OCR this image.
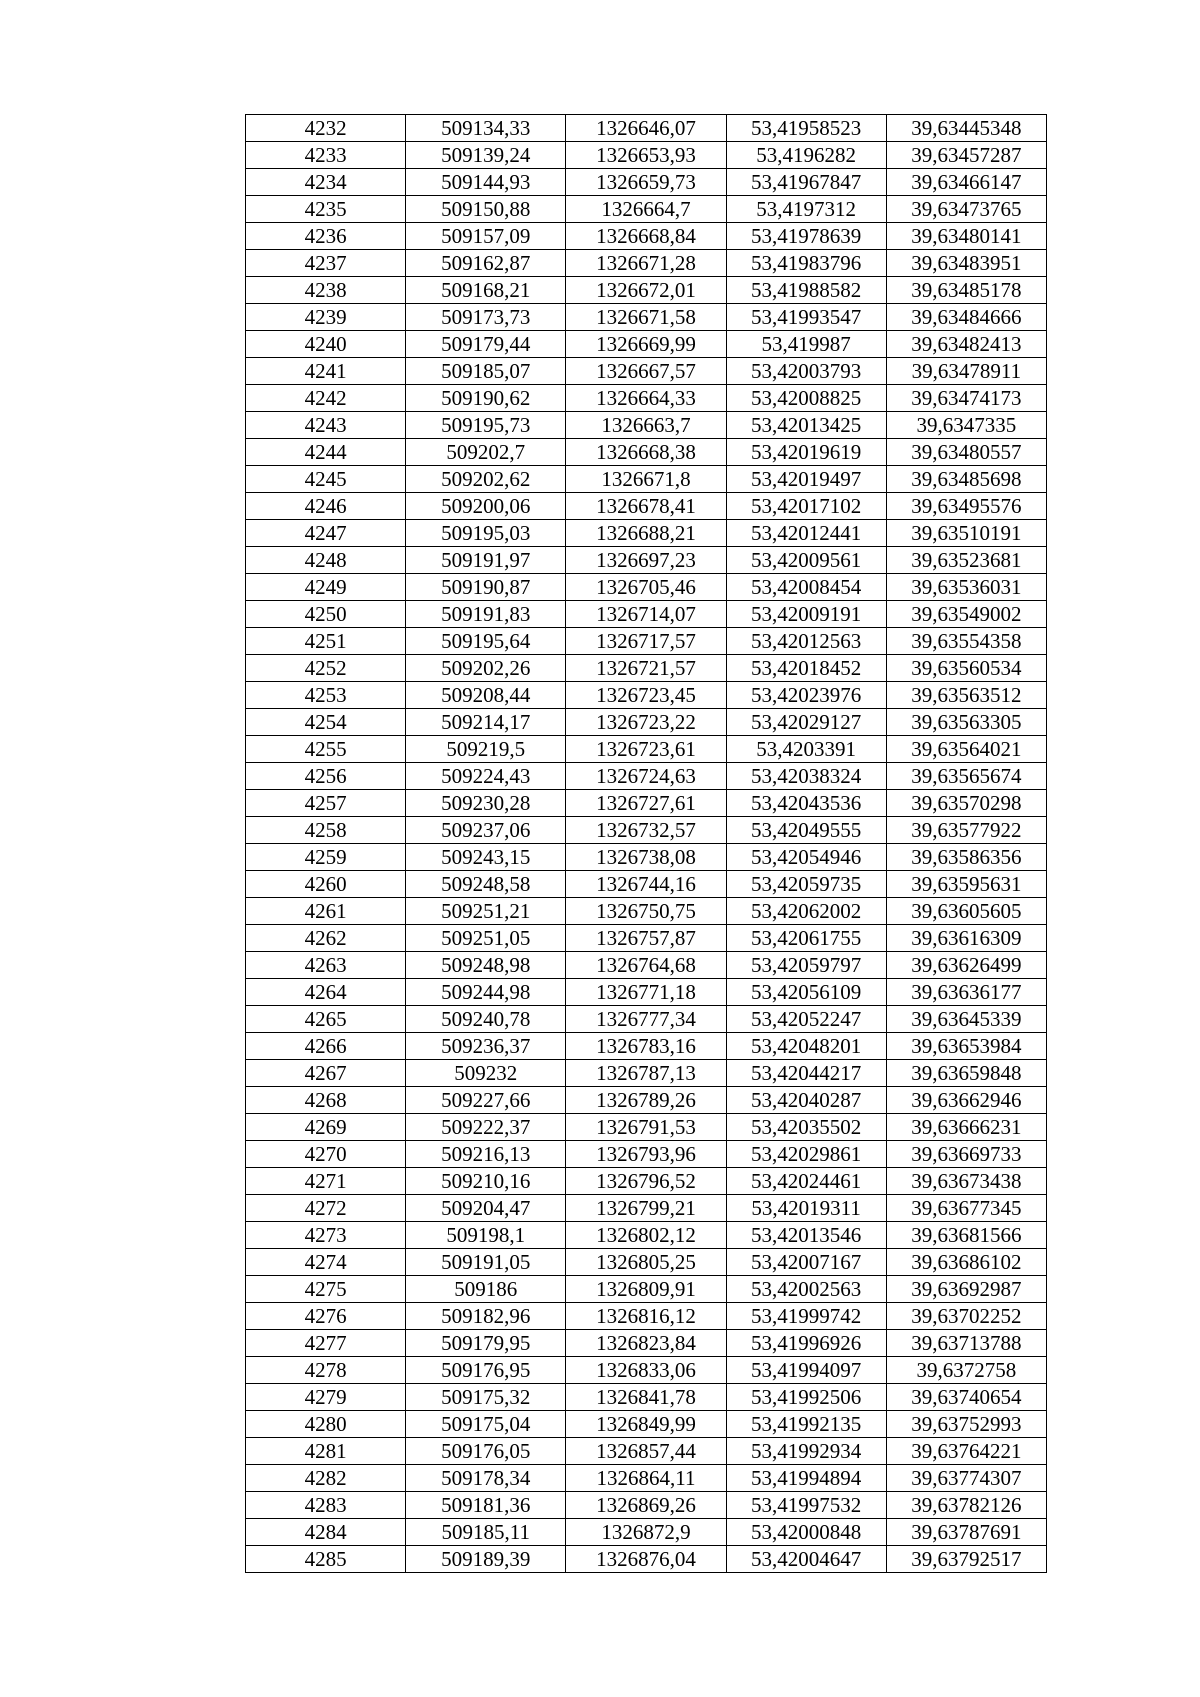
4232	509134,33	1326646,07	53,41958523	39,63445348
4233	509139,24	1326653,93	53,4196282	39,63457287
4234	509144,93	1326659,73	53,41967847	39,63466147
4235	509150,88	1326664,7	53,4197312	39,63473765
4236	509157,09	1326668,84	53,41978639	39,63480141
4237	509162,87	1326671,28	53,41983796	39,63483951
4238	509168,21	1326672,01	53,41988582	39,63485178
4239	509173,73	1326671,58	53,41993547	39,63484666
4240	509179,44	1326669,99	53,419987	39,63482413
4241	509185,07	1326667,57	53,42003793	39,63478911
4242	509190,62	1326664,33	53,42008825	39,63474173
4243	509195,73	1326663,7	53,42013425	39,6347335
4244	509202,7	1326668,38	53,42019619	39,63480557
4245	509202,62	1326671,8	53,42019497	39,63485698
4246	509200,06	1326678,41	53,42017102	39,63495576
4247	509195,03	1326688,21	53,42012441	39,63510191
4248	509191,97	1326697,23	53,42009561	39,63523681
4249	509190,87	1326705,46	53,42008454	39,63536031
4250	509191,83	1326714,07	53,42009191	39,63549002
4251	509195,64	1326717,57	53,42012563	39,63554358
4252	509202,26	1326721,57	53,42018452	39,63560534
4253	509208,44	1326723,45	53,42023976	39,63563512
4254	509214,17	1326723,22	53,42029127	39,63563305
4255	509219,5	1326723,61	53,4203391	39,63564021
4256	509224,43	1326724,63	53,42038324	39,63565674
4257	509230,28	1326727,61	53,42043536	39,63570298
4258	509237,06	1326732,57	53,42049555	39,63577922
4259	509243,15	1326738,08	53,42054946	39,63586356
4260	509248,58	1326744,16	53,42059735	39,63595631
4261	509251,21	1326750,75	53,42062002	39,63605605
4262	509251,05	1326757,87	53,42061755	39,63616309
4263	509248,98	1326764,68	53,42059797	39,63626499
4264	509244,98	1326771,18	53,42056109	39,63636177
4265	509240,78	1326777,34	53,42052247	39,63645339
4266	509236,37	1326783,16	53,42048201	39,63653984
4267	509232	1326787,13	53,42044217	39,63659848
4268	509227,66	1326789,26	53,42040287	39,63662946
4269	509222,37	1326791,53	53,42035502	39,63666231
4270	509216,13	1326793,96	53,42029861	39,63669733
4271	509210,16	1326796,52	53,42024461	39,63673438
4272	509204,47	1326799,21	53,42019311	39,63677345
4273	509198,1	1326802,12	53,42013546	39,63681566
4274	509191,05	1326805,25	53,42007167	39,63686102
4275	509186	1326809,91	53,42002563	39,63692987
4276	509182,96	1326816,12	53,41999742	39,63702252
4277	509179,95	1326823,84	53,41996926	39,63713788
4278	509176,95	1326833,06	53,41994097	39,6372758
4279	509175,32	1326841,78	53,41992506	39,63740654
4280	509175,04	1326849,99	53,41992135	39,63752993
4281	509176,05	1326857,44	53,41992934	39,63764221
4282	509178,34	1326864,11	53,41994894	39,63774307
4283	509181,36	1326869,26	53,41997532	39,63782126
4284	509185,11	1326872,9	53,42000848	39,63787691
4285	509189,39	1326876,04	53,42004647	39,63792517
